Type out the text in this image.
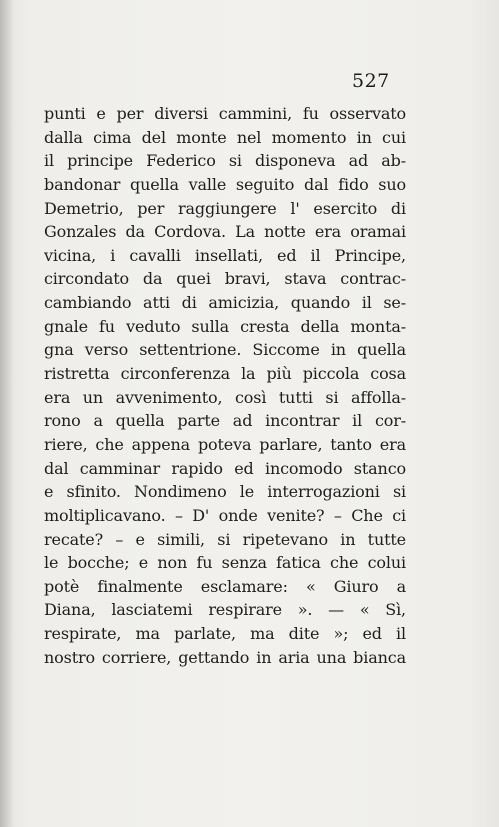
527
punti e per diversi cammini, fu osservato
dalla cima del monte nel momento in cui
il principe Federico si disponeva ad ab-
bandonar quella valle seguito dal fido suo
Demetrio, per raggiungere l' esercito di
Gonzales da Cordova. La notte era oramai
vicina, i cavalli insellati, ed il Principe,
circondato da quei bravi, stava contrac-
cambiando atti di amicizia, quando il se-
gnale fu veduto sulla cresta della monta-
gna verso settentrione. Siccome in quella
ristretta circonferenza la più piccola cosa
era un avvenimento, così tutti si affolla-
rono a quella parte ad incontrar il cor-
riere, che appena poteva parlare, tanto era
dal camminar rapido ed incomodo stanco
e sfinito. Nondimeno le interrogazioni si
moltiplicavano. – D' onde venite? – Che ci
recate? – e simili, si ripetevano in tutte
le bocche; e non fu senza fatica che colui
potè finalmente esclamare: « Giuro a
Diana, lasciatemi respirare ». — « Sì,
respirate, ma parlate, ma dite »; ed il
nostro corriere, gettando in aria una bianca
